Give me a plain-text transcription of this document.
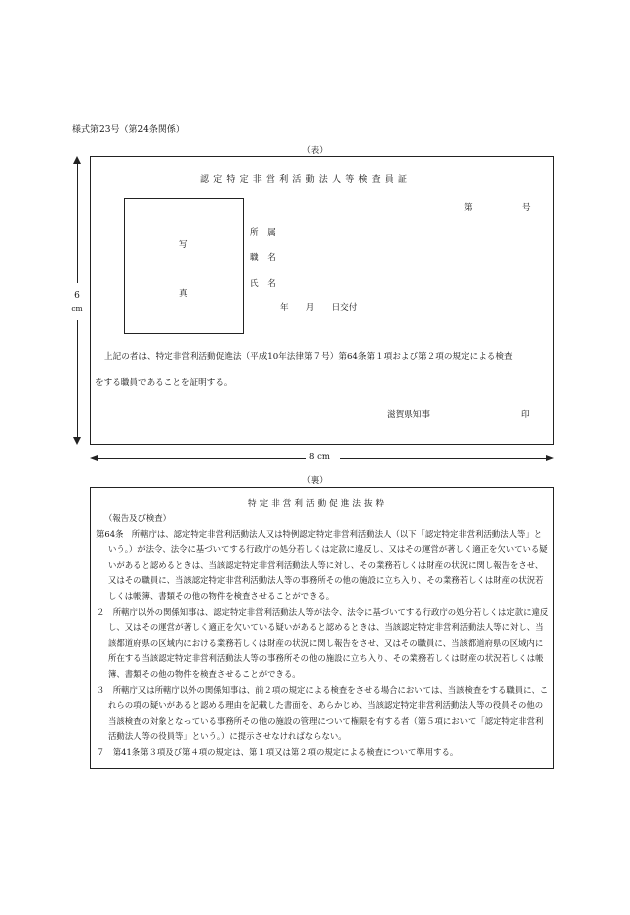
様式第23号（第24条関係）
（表）
6
cm
認定特定非営利活動法人等検査員証
第	号
写
真
所　属
職　名
氏　名
年　　月　　日交付
上記の者は、特定非営利活動促進法（平成10年法律第７号）第64条第１項および第２項の規定による検査
をする職員であることを証明する。
滋賀県知事	印
8 cm
（裏）
特定非営利活動促進法抜粋

（報告及び検査）

第64条　所轄庁は、認定特定非営利活動法人又は特例認定特定非営利活動法人（以下「認定特定非営利活動法人等」という。）が法令、法令に基づいてする行政庁の処分若しくは定款に違反し、又はその運営が著しく適正を欠いている疑いがあると認めるときは、当該認定特定非営利活動法人等に対し、その業務若しくは財産の状況に関し報告をさせ、又はその職員に、当該認定特定非営利活動法人等の事務所その他の施設に立ち入り、その業務若しくは財産の状況若しくは帳簿、書類その他の物件を検査させることができる。

２　所轄庁以外の関係知事は、認定特定非営利活動法人等が法令、法令に基づいてする行政庁の処分若しくは定款に違反し、又はその運営が著しく適正を欠いている疑いがあると認めるときは、当該認定特定非営利活動法人等に対し、当該都道府県の区域内における業務若しくは財産の状況に関し報告をさせ、又はその職員に、当該都道府県の区域内に所在する当該認定特定非営利活動法人等の事務所その他の施設に立ち入り、その業務若しくは財産の状況若しくは帳簿、書類その他の物件を検査させることができる。

３　所轄庁又は所轄庁以外の関係知事は、前２項の規定による検査をさせる場合においては、当該検査をする職員に、これらの項の疑いがあると認める理由を記載した書面を、あらかじめ、当該認定特定非営利活動法人等の役員その他の当該検査の対象となっている事務所その他の施設の管理について権限を有する者（第５項において「認定特定非営利活動法人等の役員等」という。）に提示させなければならない。

７　第41条第３項及び第４項の規定は、第１項又は第２項の規定による検査について準用する。
